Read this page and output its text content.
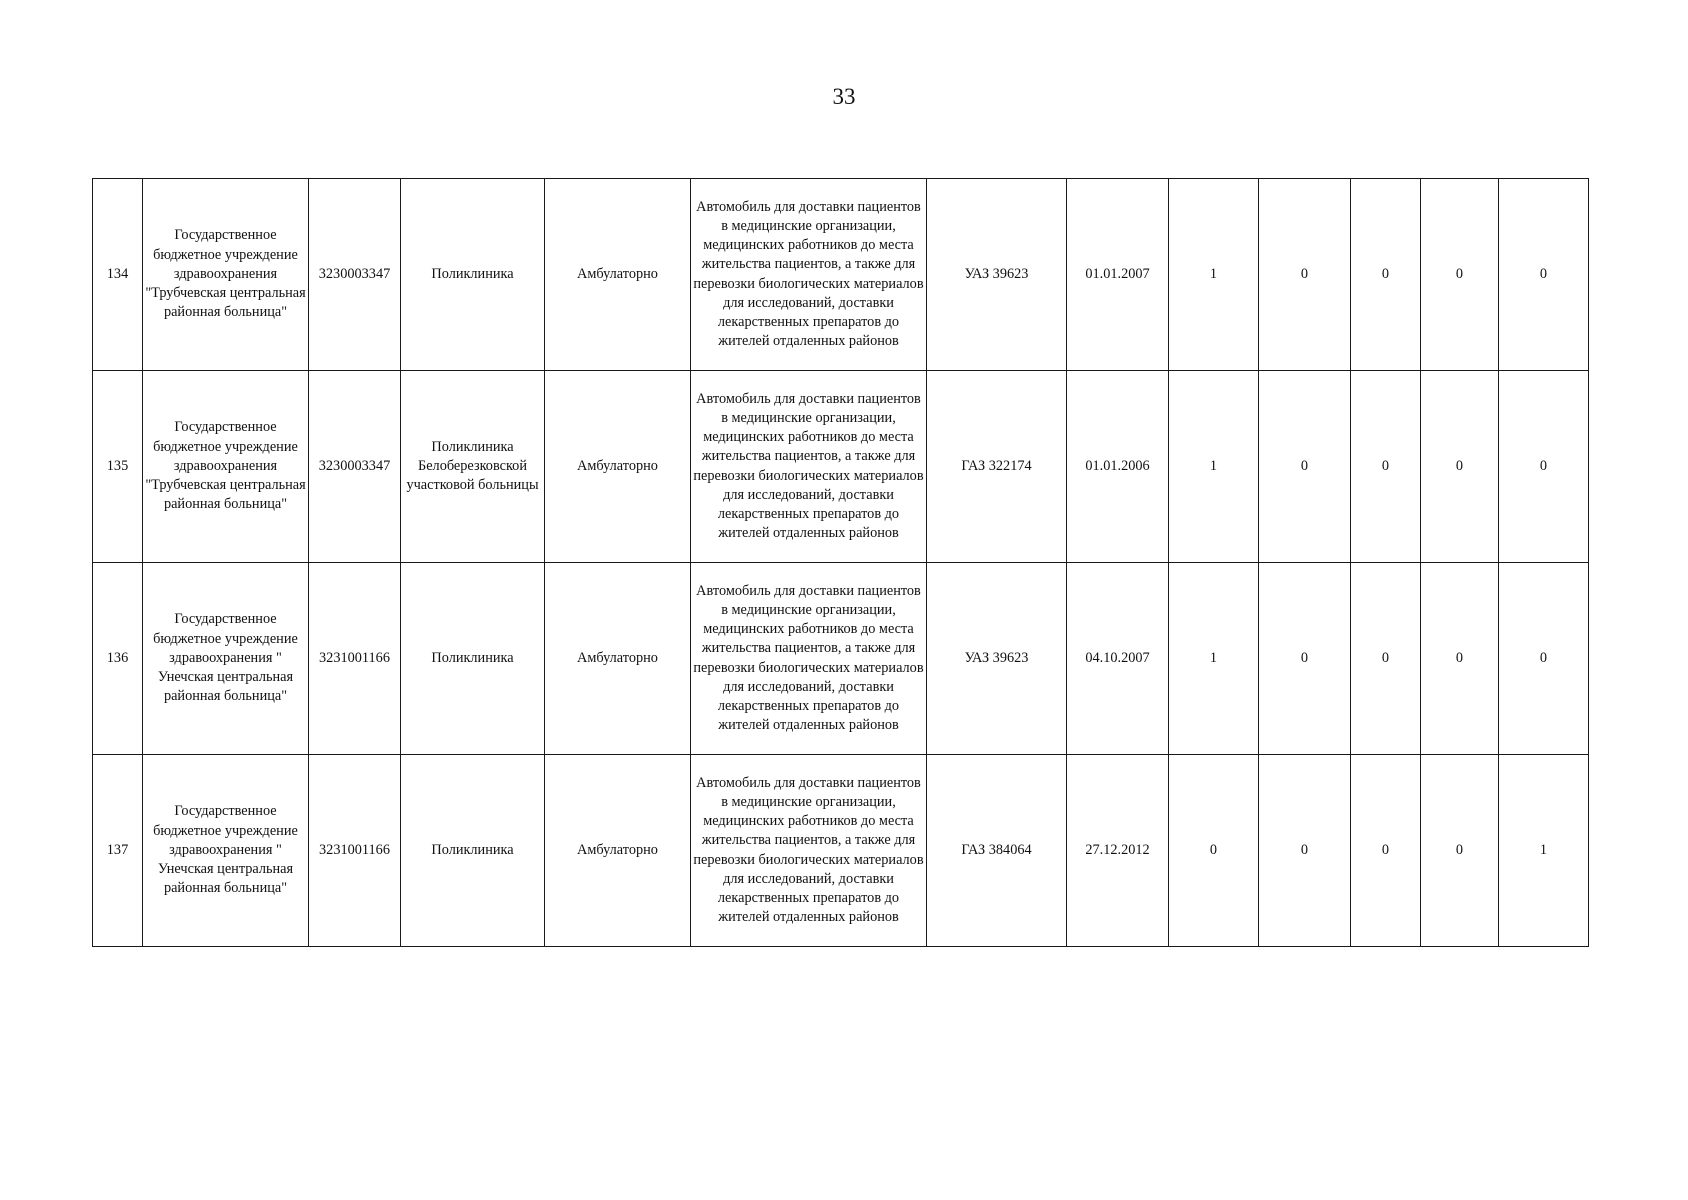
33
134	Государственное бюджетное учреждение здравоохранения "Трубчевская центральная районная больница"	3230003347	Поликлиника	Амбулаторно	Автомобиль для доставки пациентов в медицинские организации, медицинских работников до места жительства пациентов, а также для перевозки биологических материалов для исследований, доставки лекарственных препаратов до жителей отдаленных районов	УАЗ 39623	01.01.2007	1	0	0	0	0
135	Государственное бюджетное учреждение здравоохранения "Трубчевская центральная районная больница"	3230003347	Поликлиника Белоберезковской участковой больницы	Амбулаторно	Автомобиль для доставки пациентов в медицинские организации, медицинских работников до места жительства пациентов, а также для перевозки биологических материалов для исследований, доставки лекарственных препаратов до жителей отдаленных районов	ГАЗ 322174	01.01.2006	1	0	0	0	0
136	Государственное бюджетное учреждение здравоохранения " Унечская центральная районная больница"	3231001166	Поликлиника	Амбулаторно	Автомобиль для доставки пациентов в медицинские организации, медицинских работников до места жительства пациентов, а также для перевозки биологических материалов для исследований, доставки лекарственных препаратов до жителей отдаленных районов	УАЗ 39623	04.10.2007	1	0	0	0	0
137	Государственное бюджетное учреждение здравоохранения " Унечская центральная районная больница"	3231001166	Поликлиника	Амбулаторно	Автомобиль для доставки пациентов в медицинские организации, медицинских работников до места жительства пациентов, а также для перевозки биологических материалов для исследований, доставки лекарственных препаратов до жителей отдаленных районов	ГАЗ 384064	27.12.2012	0	0	0	0	1
